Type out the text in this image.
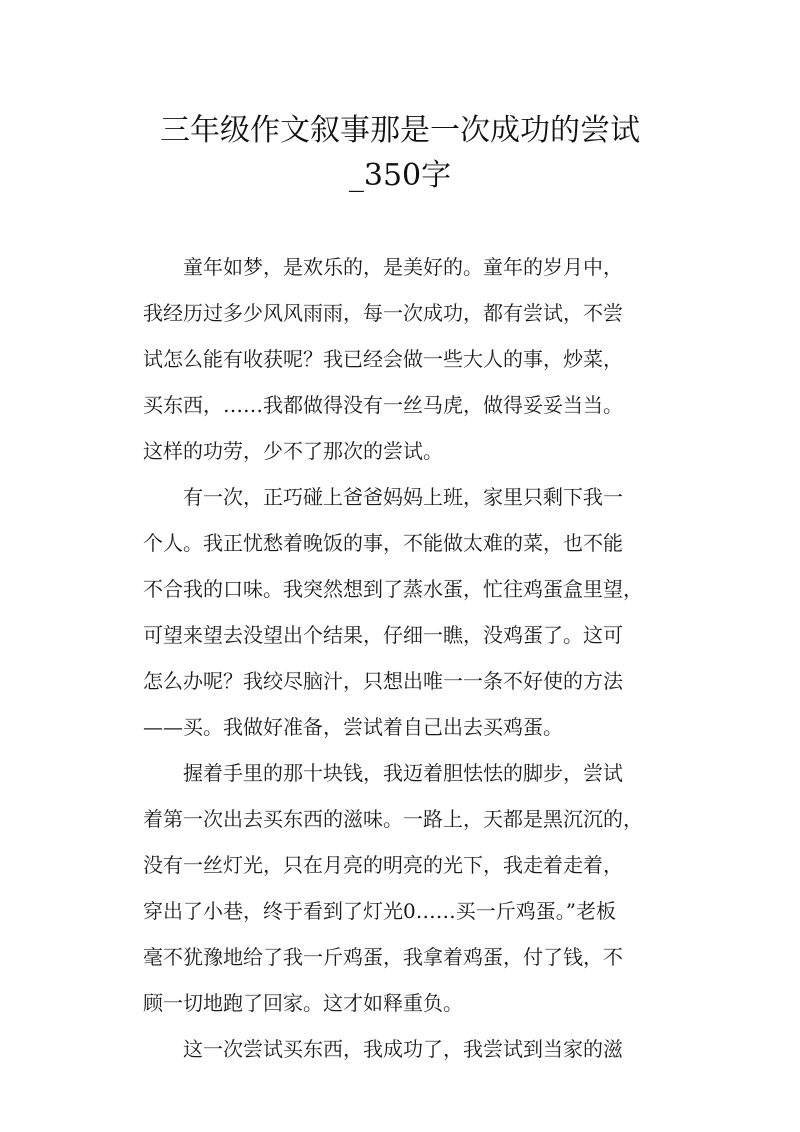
三年级作文叙事那是一次成功的尝试
_350字
　　童年如梦，是欢乐的，是美好的。童年的岁月中，
我经历过多少风风雨雨，每一次成功，都有尝试，不尝
试怎么能有收获呢？我已经会做一些大人的事，炒菜，
买东西，……我都做得没有一丝马虎，做得妥妥当当。
这样的功劳，少不了那次的尝试。
　　有一次，正巧碰上爸爸妈妈上班，家里只剩下我一
个人。我正忧愁着晚饭的事，不能做太难的菜，也不能
不合我的口味。我突然想到了蒸水蛋，忙往鸡蛋盒里望，
可望来望去没望出个结果，仔细一瞧，没鸡蛋了。这可
怎么办呢？我绞尽脑汁，只想出唯一一条不好使的方法
——买。我做好准备，尝试着自己出去买鸡蛋。
　　握着手里的那十块钱，我迈着胆怯怯的脚步，尝试
着第一次出去买东西的滋味。一路上，天都是黑沉沉的，
没有一丝灯光，只在月亮的明亮的光下，我走着走着，
穿出了小巷，终于看到了灯光0……买一斤鸡蛋。”老板
毫不犹豫地给了我一斤鸡蛋，我拿着鸡蛋，付了钱，不
顾一切地跑了回家。这才如释重负。
　　这一次尝试买东西，我成功了，我尝试到当家的滋
